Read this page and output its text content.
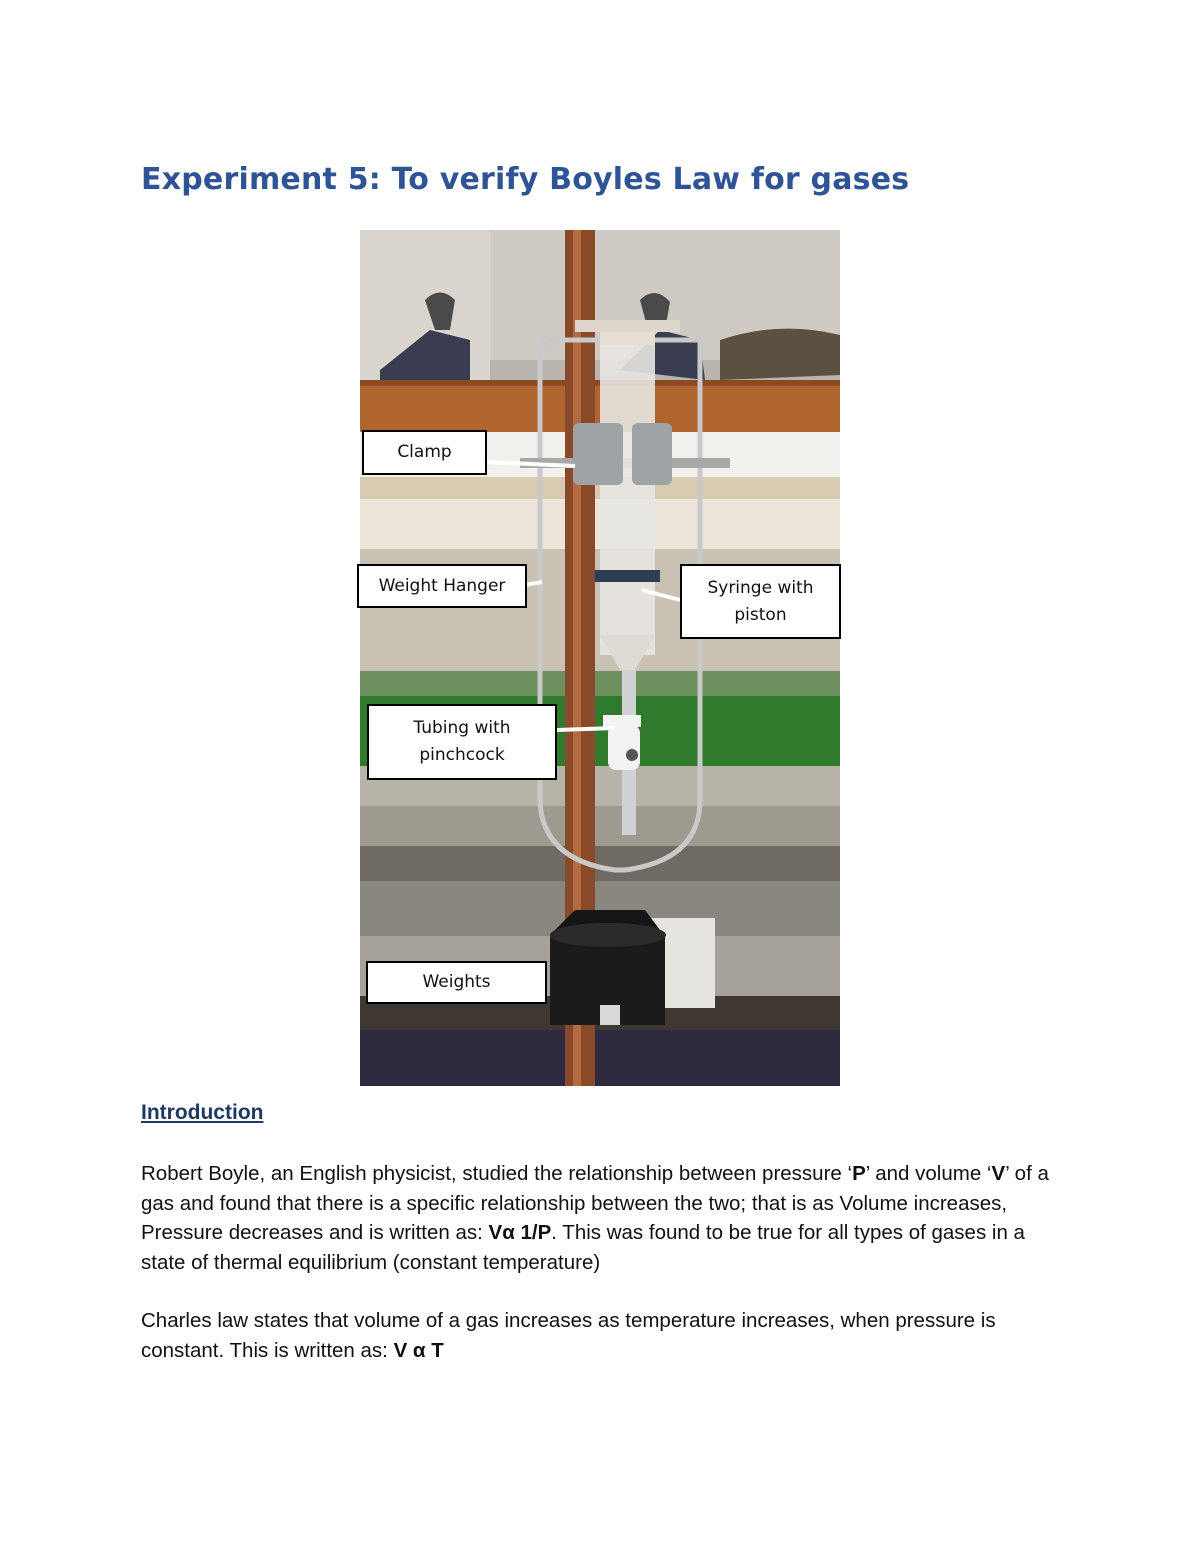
Experiment 5: To verify Boyles Law for gases
Clamp
Weight Hanger	Syringe with
piston
Tubing with
pinchcock
Weights
Introduction

Robert Boyle, an English physicist, studied the relationship between pressure ‘P’ and volume ‘V’ of a gas and found that there is a specific relationship between the two; that is as Volume increases, Pressure decreases and is written as: Vα 1/P. This was found to be true for all types of gases in a state of thermal equilibrium (constant temperature)

Charles law states that volume of a gas increases as temperature increases, when pressure is constant. This is written as: V α T
